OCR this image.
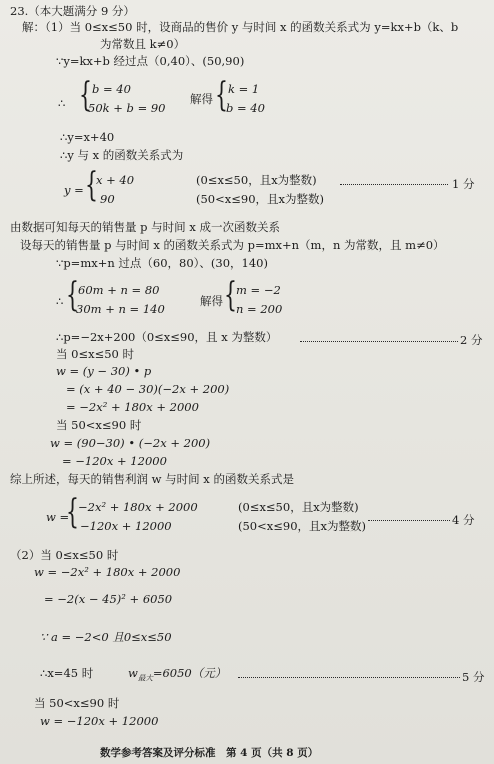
23.（本大题满分 9 分）
解：（1）当 0≤x≤50 时，设商品的售价 y 与时间 x 的函数关系式为 y=kx+b（k、b
为常数且 k≠0）
∵y=kx+b 经过点（0,40）、(50,90)
{ b = 40
50k + b = 90
解得 { k = 1
b = 40
∴
∴y=x+40
∴y 与 x 的函数关系式为
y = {
x + 40
90
(0≤x≤50，且x为整数)
(50<x≤90，且x为整数)
1 分
由数据可知每天的销售量 p 与时间 x 成一次函数关系
设每天的销售量 p 与时间 x 的函数关系式为 p=mx+n（m，n 为常数，且 m≠0）
∵p=mx+n 过点（60，80）、(30，140)
∴ { 60m + n = 80
30m + n = 140
解得 { m = −2
n = 200
∴p=−2x+200（0≤x≤90，且 x 为整数）	2 分
当 0≤x≤50 时
w = (y − 30) • p
= (x + 40 − 30)(−2x + 200)
= −2x² + 180x + 2000
当 50<x≤90 时
w = (90−30) • (−2x + 200)
= −120x + 12000
综上所述，每天的销售利润 w 与时间 x 的函数关系式是
w =
{ −2x² + 180x + 2000
−120x + 12000
(0≤x≤50，且x为整数)
(50<x≤90，且x为整数)	4 分
（2）当 0≤x≤50 时
w = −2x² + 180x + 2000
= −2(x − 45)² + 6050
∵ a = −2<0 且0≤x≤50
∴x=45 时	$w_{最大}=6050$（元）	5 分
当 50<x≤90 时
w = −120x + 12000
数学参考答案及评分标准　第 4 页（共 8 页）
